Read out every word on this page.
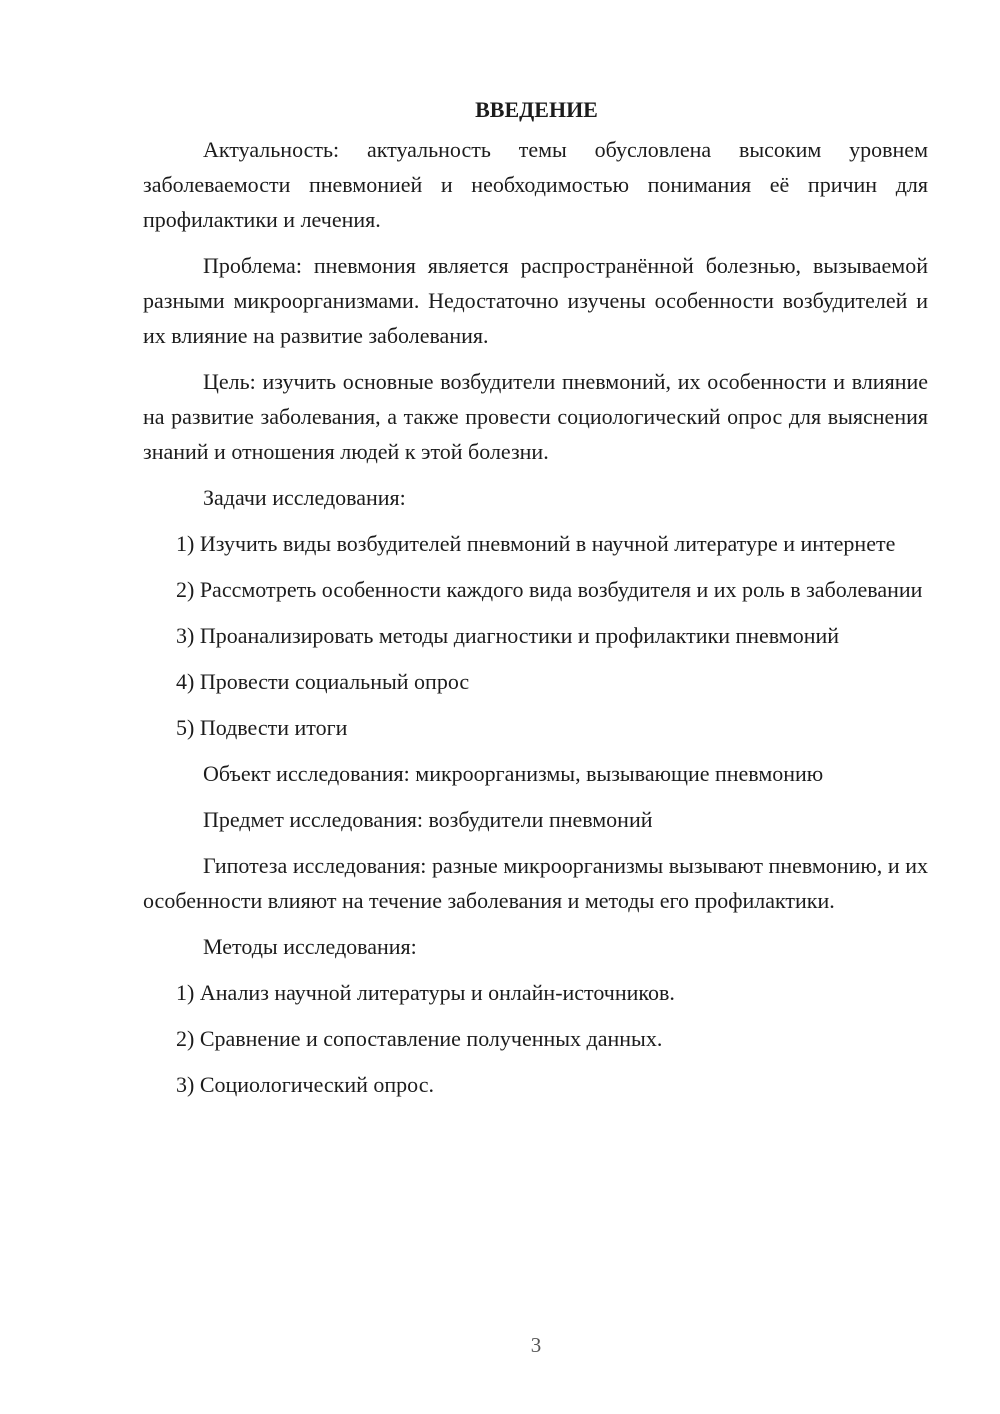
ВВЕДЕНИЕ

Актуальность: актуальность темы обусловлена высоким уровнем заболеваемости пневмонией и необходимостью понимания её причин для профилактики и лечения.

Проблема: пневмония является распространённой болезнью, вызываемой разными микроорганизмами. Недостаточно изучены особенности возбудителей и их влияние на развитие заболевания.

Цель: изучить основные возбудители пневмоний, их особенности и влияние на развитие заболевания, а также провести социологический опрос для выяснения знаний и отношения людей к этой болезни.

Задачи исследования:

1) Изучить виды возбудителей пневмоний в научной литературе и интернете

2) Рассмотреть особенности каждого вида возбудителя и их роль в заболевании

3) Проанализировать методы диагностики и профилактики пневмоний

4) Провести социальный опрос

5) Подвести итоги

Объект исследования: микроорганизмы, вызывающие пневмонию

Предмет исследования: возбудители пневмоний

Гипотеза исследования: разные микроорганизмы вызывают пневмонию, и их особенности влияют на течение заболевания и методы его профилактики.

Методы исследования:

1) Анализ научной литературы и онлайн-источников.

2) Сравнение и сопоставление полученных данных.

3) Социологический опрос.

3
